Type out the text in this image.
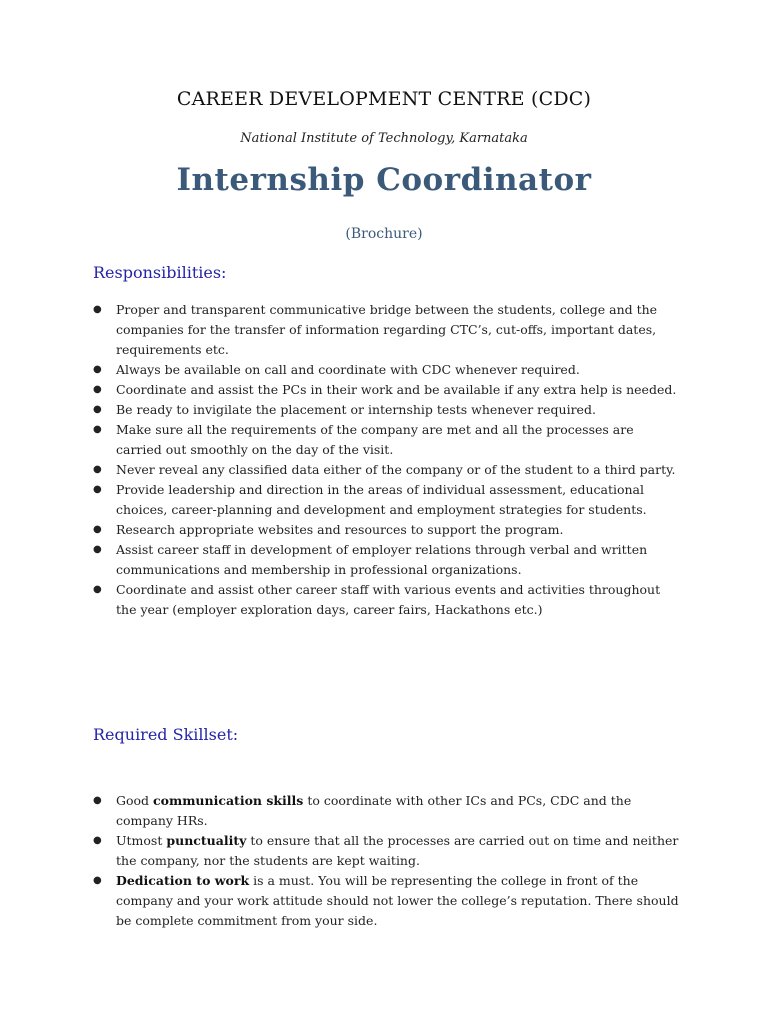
CAREER DEVELOPMENT CENTRE (CDC)
National Institute of Technology, Karnataka
Internship Coordinator
(Brochure)
Responsibilities:
● Proper and transparent communicative bridge between the students, college and the companies for the transfer of information regarding CTC’s, cut-offs, important dates, requirements etc.
● Always be available on call and coordinate with CDC whenever required.
● Coordinate and assist the PCs in their work and be available if any extra help is needed.
● Be ready to invigilate the placement or internship tests whenever required.
● Make sure all the requirements of the company are met and all the processes are carried out smoothly on the day of the visit.
● Never reveal any classified data either of the company or of the student to a third party.
● Provide leadership and direction in the areas of individual assessment, educational choices, career-planning and development and employment strategies for students.
● Research appropriate websites and resources to support the program.
● Assist career staff in development of employer relations through verbal and written communications and membership in professional organizations.
● Coordinate and assist other career staff with various events and activities throughout the year (employer exploration days, career fairs, Hackathons etc.)
Required Skillset:
● Good communication skills to coordinate with other ICs and PCs, CDC and the company HRs.
● Utmost punctuality to ensure that all the processes are carried out on time and neither the company, nor the students are kept waiting.
● Dedication to work is a must. You will be representing the college in front of the company and your work attitude should not lower the college’s reputation. There should be complete commitment from your side.
